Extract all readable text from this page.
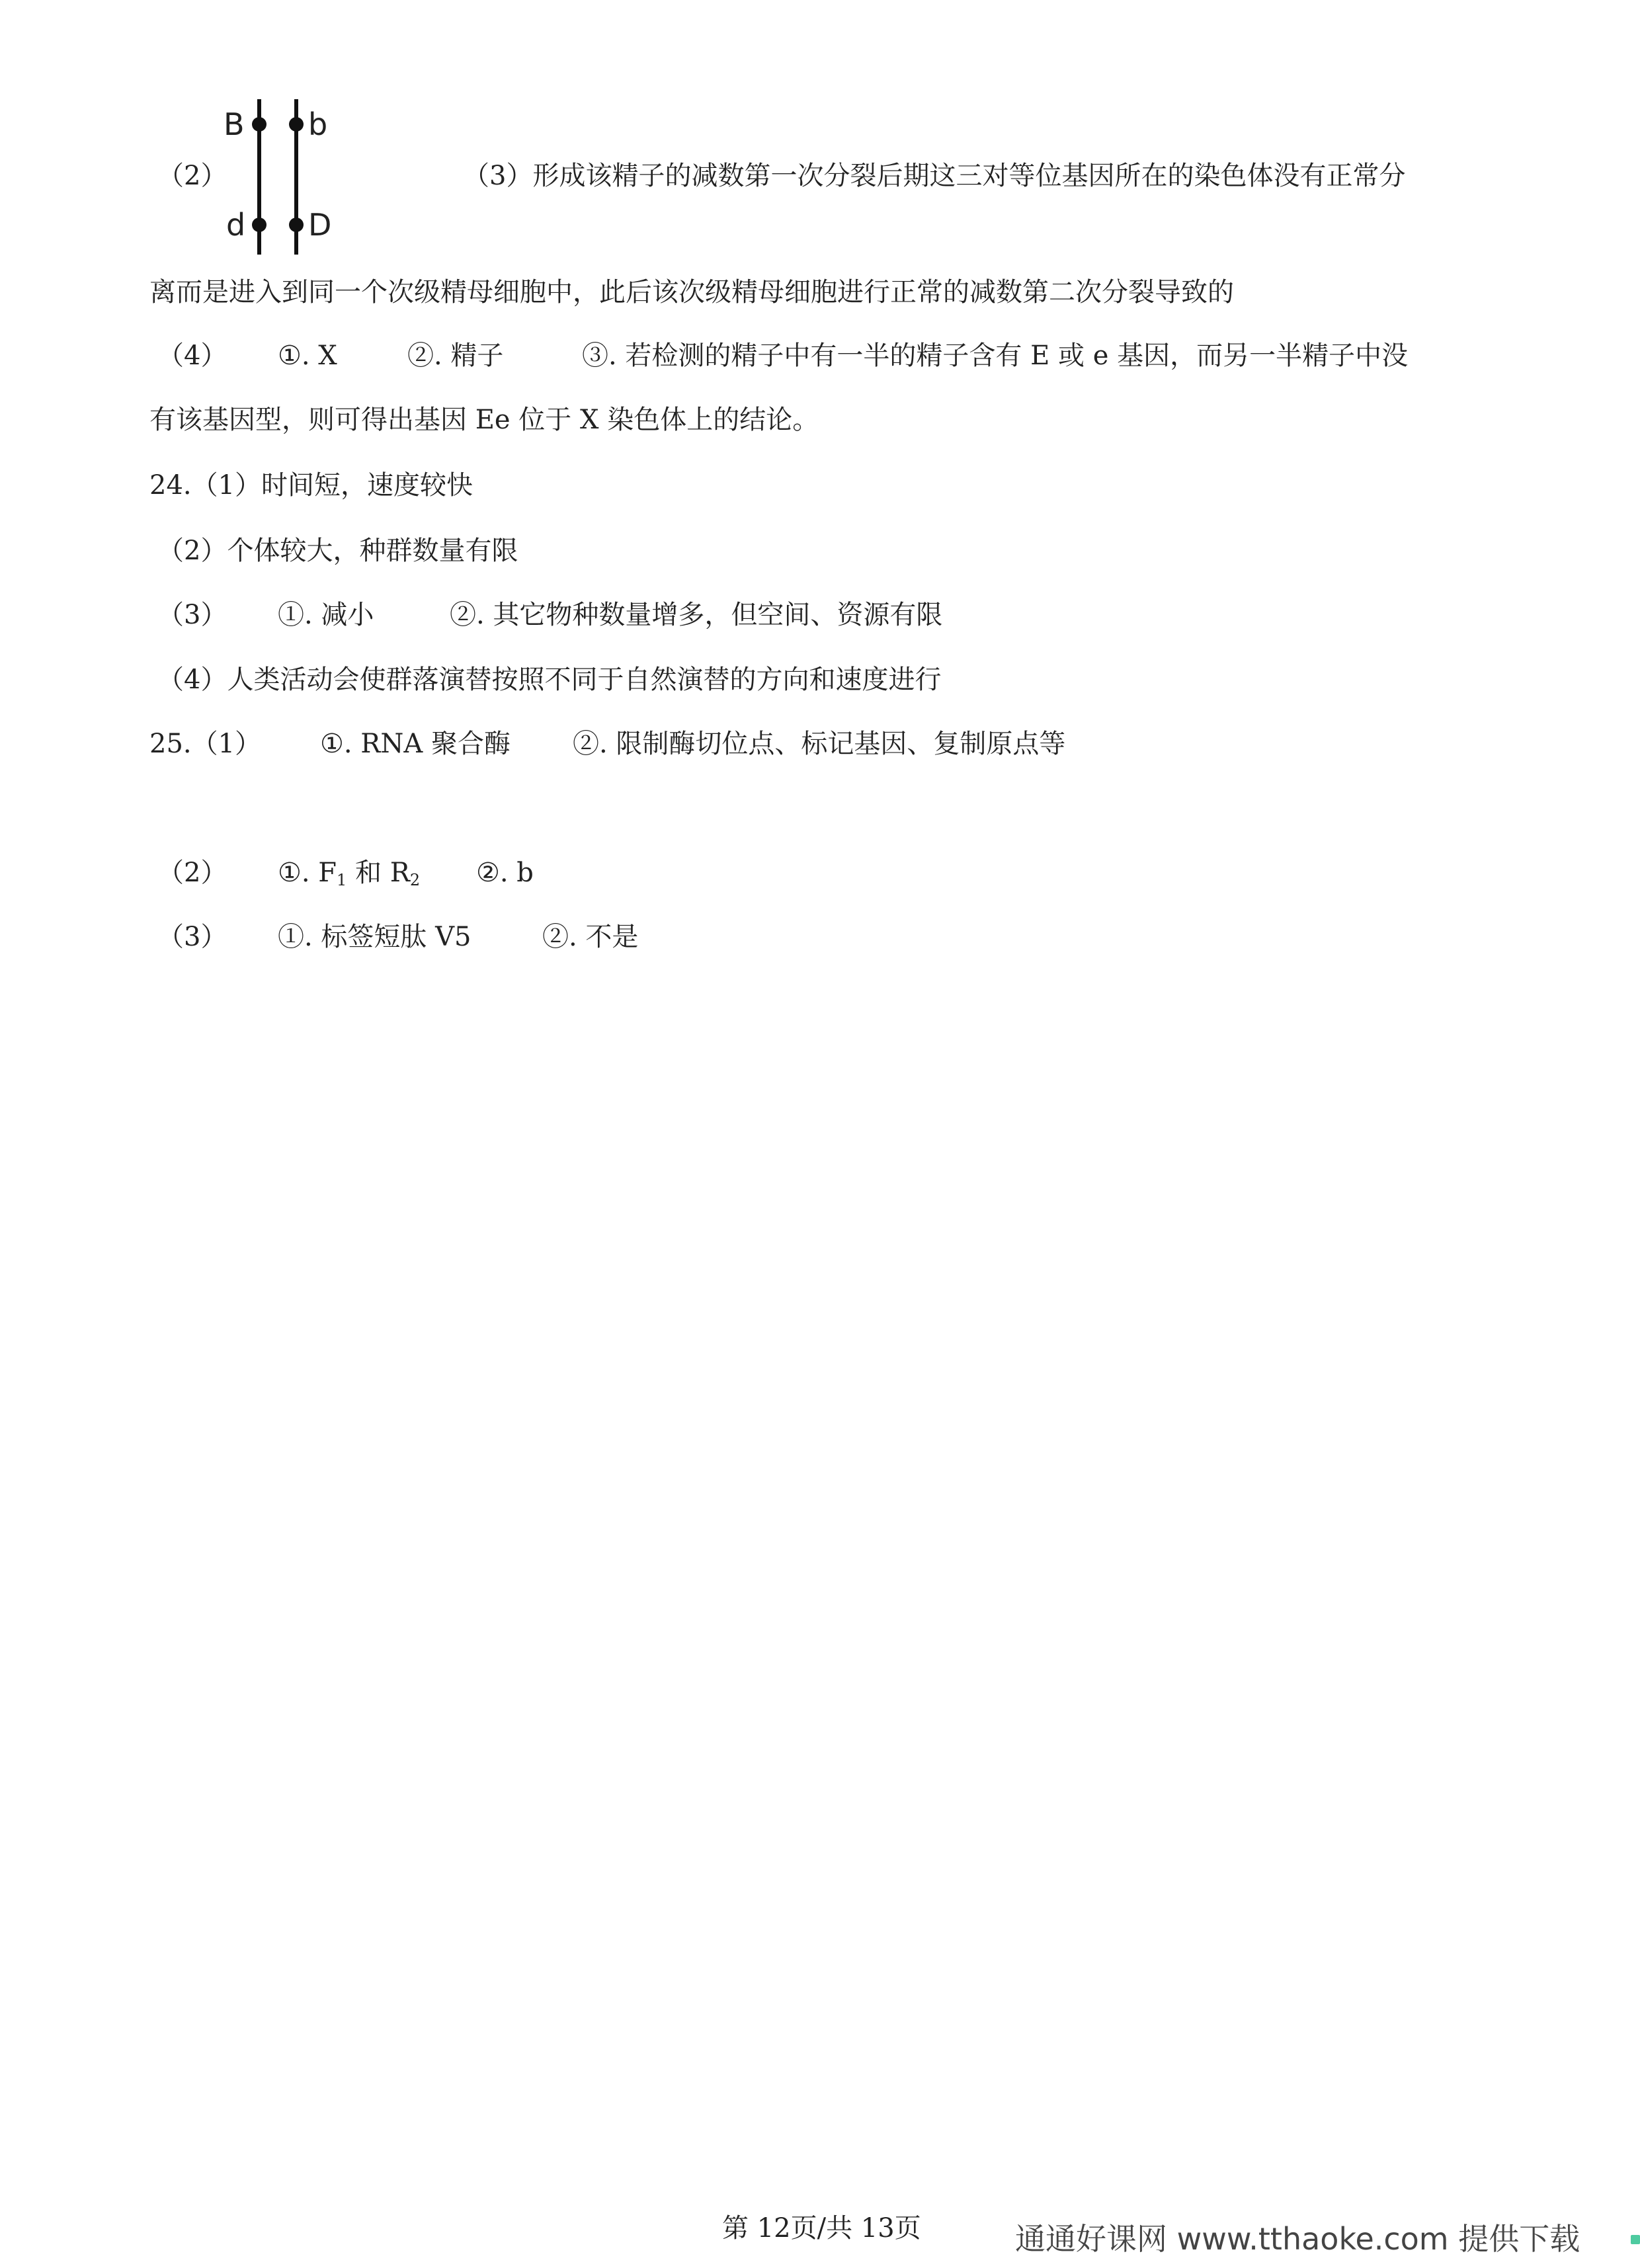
（2）
B b
d D
（3）形成该精子的减数第一次分裂后期这三对等位基因所在的染色体没有正常分
离而是进入到同一个次级精母细胞中，此后该次级精母细胞进行正常的减数第二次分裂导致的
（4） ①. X	②. 精子	③. 若检测的精子中有一半的精子含有 E 或 e 基因，而另一半精子中没
有该基因型，则可得出基因 Ee 位于 X 染色体上的结论。
24.（1）时间短，速度较快
（2）个体较大，种群数量有限
（3） ①. 减小	②. 其它物种数量增多，但空间、资源有限
（4）人类活动会使群落演替按照不同于自然演替的方向和速度进行
25.（1） ①. RNA 聚合酶 ②. 限制酶切位点、标记基因、复制原点等
（2） ①. $F_1$ 和 $R_2$ ②. b
（3） ①. 标签短肽 V5	②. 不是
第 12页/共 13页	通通好课网 www.tthaoke.com 提供下载
